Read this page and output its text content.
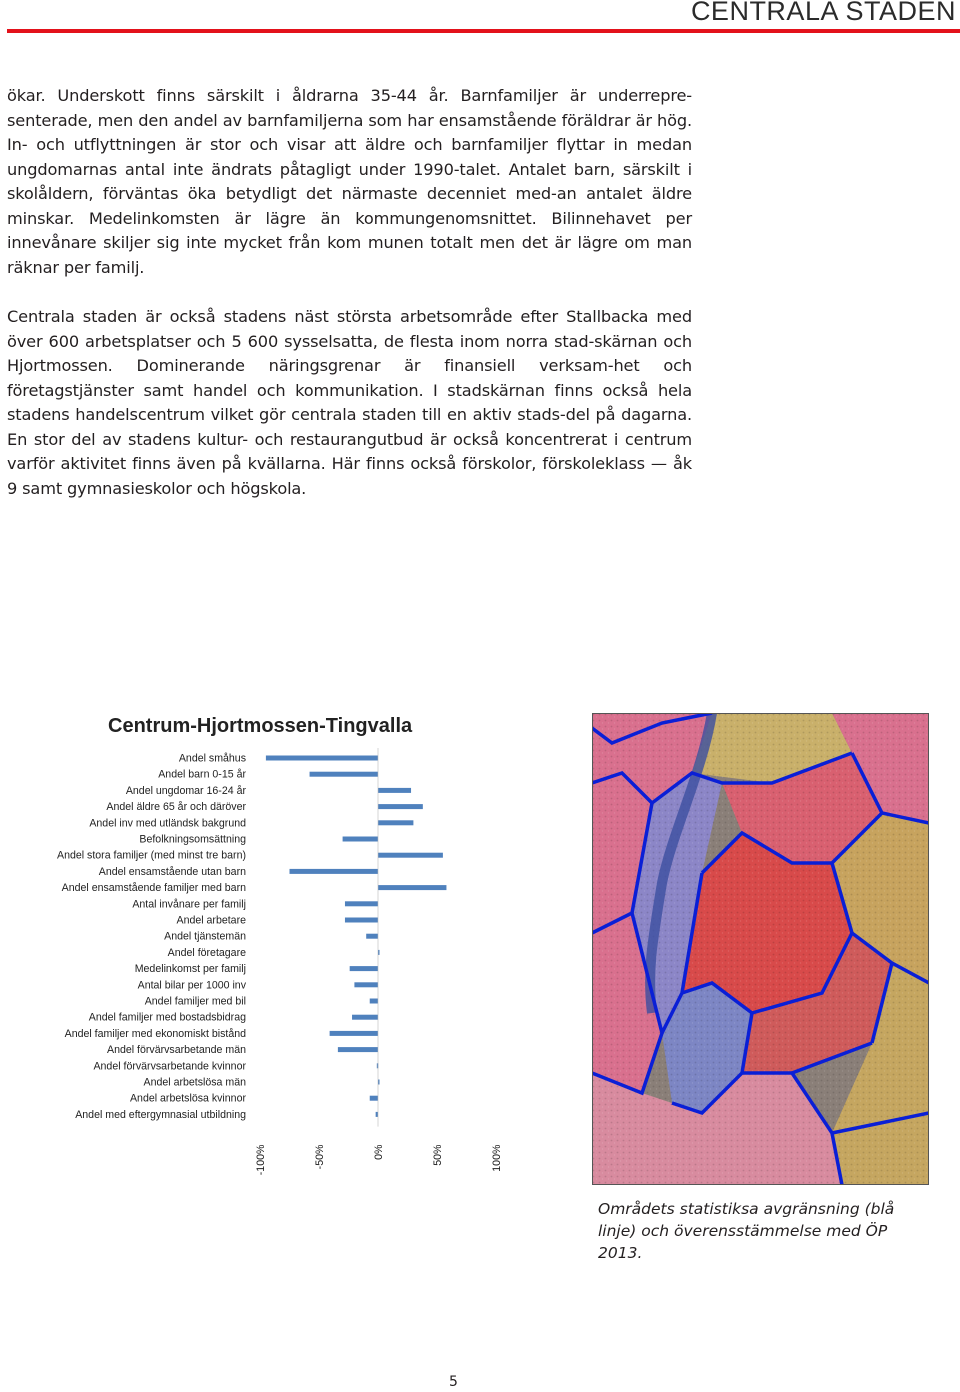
CENTRALA STADEN

ökar. Underskott finns särskilt i åldrarna 35-44 år. Barnfamiljer är underrepre-senterade, men den andel av barnfamiljerna som har ensamstående föräldrar är hög. In- och utflyttningen är stor och visar att äldre och barnfamiljer flyttar in medan ungdomarnas antal inte ändrats påtagligt under 1990-talet. Antalet barn, särskilt i skolåldern, förväntas öka betydligt det närmaste decenniet med-an antalet äldre minskar. Medelinkomsten är lägre än kommungenomsnittet. Bilinnehavet per innevånare skiljer sig inte mycket från kom munen totalt men det är lägre om man räknar per familj.

Centrala staden är också stadens näst största arbetsområde efter Stallbacka med över 600 arbetsplatser och 5 600 sysselsatta, de flesta inom norra stad-skärnan och Hjortmossen. Dominerande näringsgrenar är finansiell verksam-het och företagstjänster samt handel och kommunikation. I stadskärnan finns också hela stadens handelscentrum vilket gör centrala staden till en aktiv stads-del på dagarna. En stor del av stadens kultur- och restaurangutbud är också koncentrerat i centrum varför aktivitet finns även på kvällarna. Här finns också förskolor, förskoleklass — åk 9 samt gymnasieskolor och högskola.

Centrum-Hjortmossen-Tingvalla
Andel småhus
Andel barn 0-15 år
Andel ungdomar 16-24 år
Andel äldre 65 år och däröver
Andel inv med utländsk bakgrund
Befolkningsomsättning
Andel stora familjer (med minst tre barn)
Andel ensamstående utan barn
Andel ensamstående familjer med barn
Antal invånare per familj
Andel arbetare
Andel tjänstemän
Andel företagare
Medelinkomst per familj
Antal bilar per 1000 inv
Andel familjer med bil
Andel familjer med bostadsbidrag
Andel familjer med ekonomiskt bistånd
Andel förvärvsarbetande män
Andel förvärvsarbetande kvinnor
Andel arbetslösa män
Andel arbetslösa kvinnor
Andel med eftergymnasial utbildning
-100%	-50%	0%	50%	100%

Områdets statistiksa avgränsning (blå linje) och överensstämmelse med ÖP 2013.

5
